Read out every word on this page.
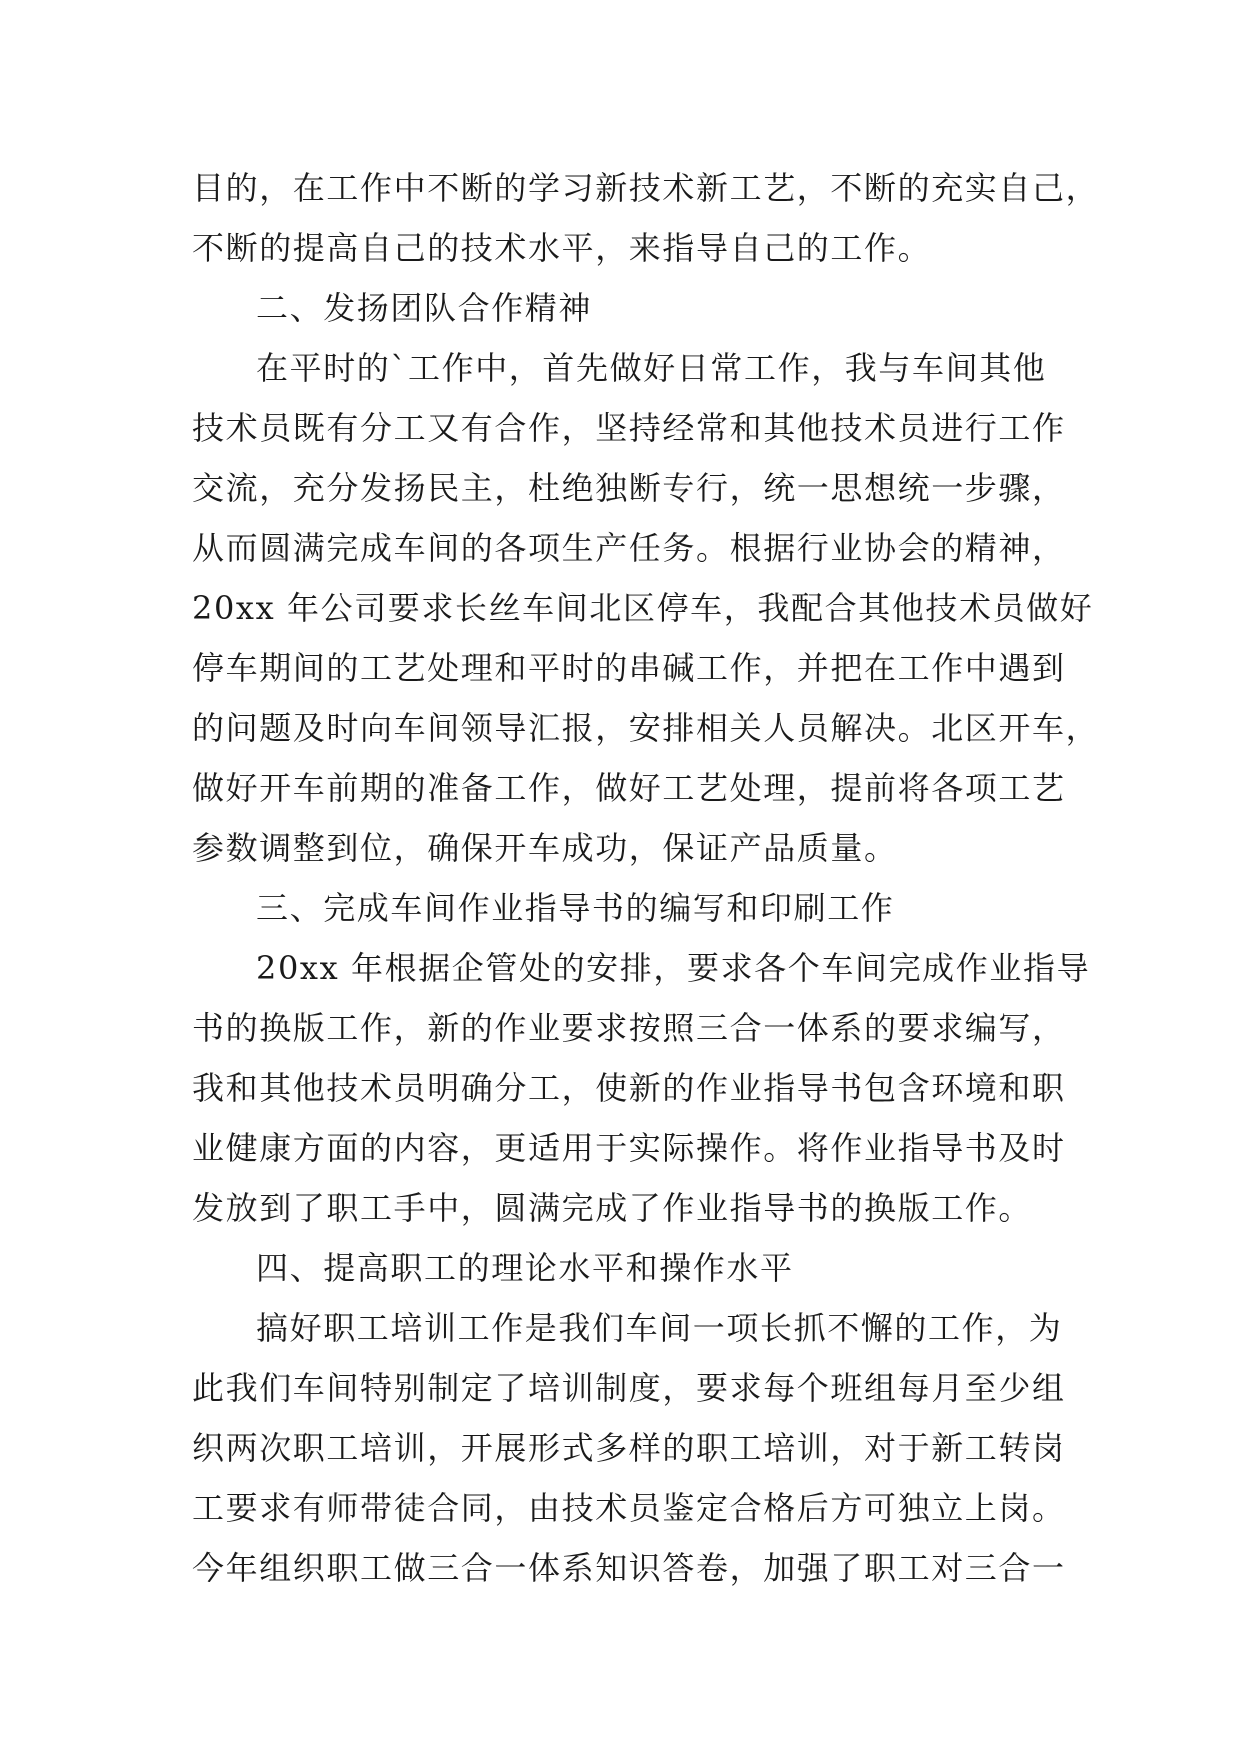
目的，在工作中不断的学习新技术新工艺，不断的充实自己，
不断的提高自己的技术水平，来指导自己的工作。
二、发扬团队合作精神
在平时的`工作中，首先做好日常工作，我与车间其他
技术员既有分工又有合作，坚持经常和其他技术员进行工作
交流，充分发扬民主，杜绝独断专行，统一思想统一步骤，
从而圆满完成车间的各项生产任务。根据行业协会的精神，
20xx 年公司要求长丝车间北区停车，我配合其他技术员做好
停车期间的工艺处理和平时的串碱工作，并把在工作中遇到
的问题及时向车间领导汇报，安排相关人员解决。北区开车，
做好开车前期的准备工作，做好工艺处理，提前将各项工艺
参数调整到位，确保开车成功，保证产品质量。
三、完成车间作业指导书的编写和印刷工作
20xx 年根据企管处的安排，要求各个车间完成作业指导
书的换版工作，新的作业要求按照三合一体系的要求编写，
我和其他技术员明确分工，使新的作业指导书包含环境和职
业健康方面的内容，更适用于实际操作。将作业指导书及时
发放到了职工手中，圆满完成了作业指导书的换版工作。
四、提高职工的理论水平和操作水平
搞好职工培训工作是我们车间一项长抓不懈的工作，为
此我们车间特别制定了培训制度，要求每个班组每月至少组
织两次职工培训，开展形式多样的职工培训，对于新工转岗
工要求有师带徒合同，由技术员鉴定合格后方可独立上岗。
今年组织职工做三合一体系知识答卷，加强了职工对三合一
